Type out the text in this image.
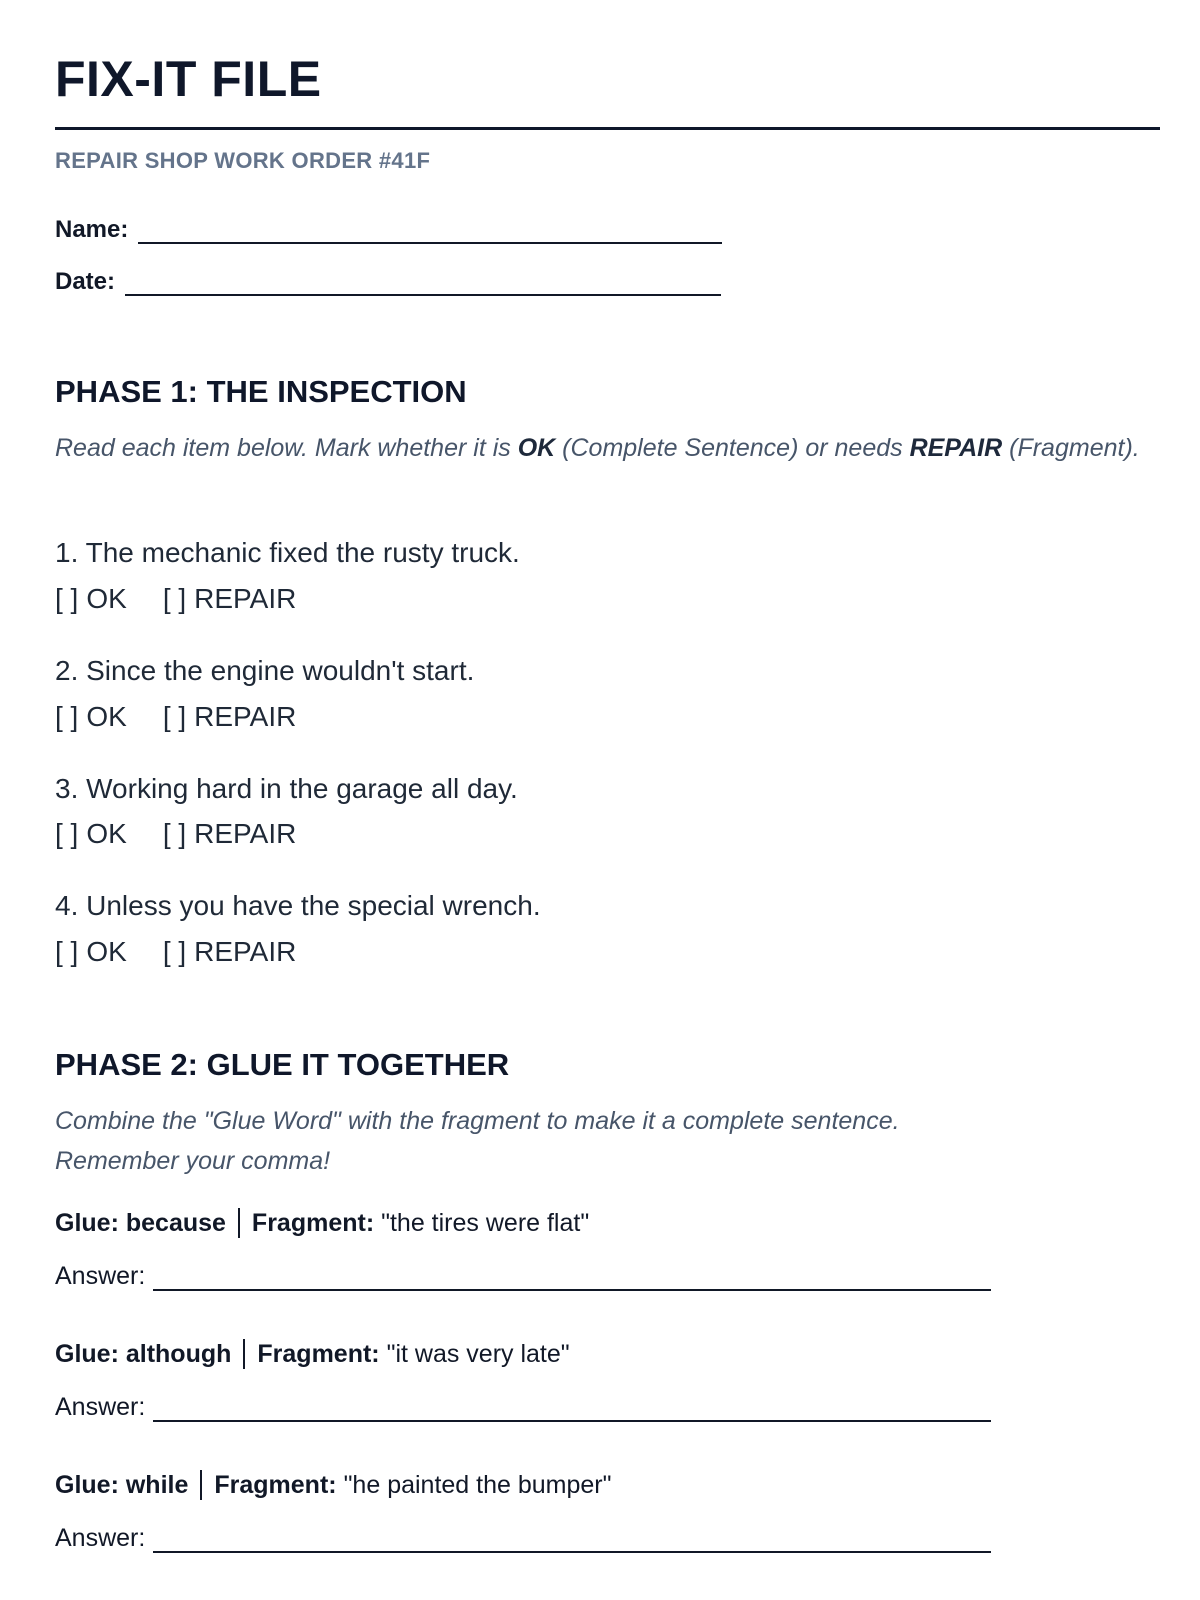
FIX-IT FILE
REPAIR SHOP WORK ORDER #41F
Name:
Date:
PHASE 1: THE INSPECTION
Read each item below. Mark whether it is OK (Complete Sentence) or needs REPAIR (Fragment).
1. The mechanic fixed the rusty truck.
[ ] OK [ ] REPAIR
2. Since the engine wouldn't start.
[ ] OK [ ] REPAIR
3. Working hard in the garage all day.
[ ] OK [ ] REPAIR
4. Unless you have the special wrench.
[ ] OK [ ] REPAIR
PHASE 2: GLUE IT TOGETHER
Combine the "Glue Word" with the fragment to make it a complete sentence.
Remember your comma!
Glue:
because Fragment:
"the tires were flat"
Answer:
Glue:
although Fragment:
"it was very late"
Answer:
Glue:
while Fragment:
"he painted the bumper"
Answer:
